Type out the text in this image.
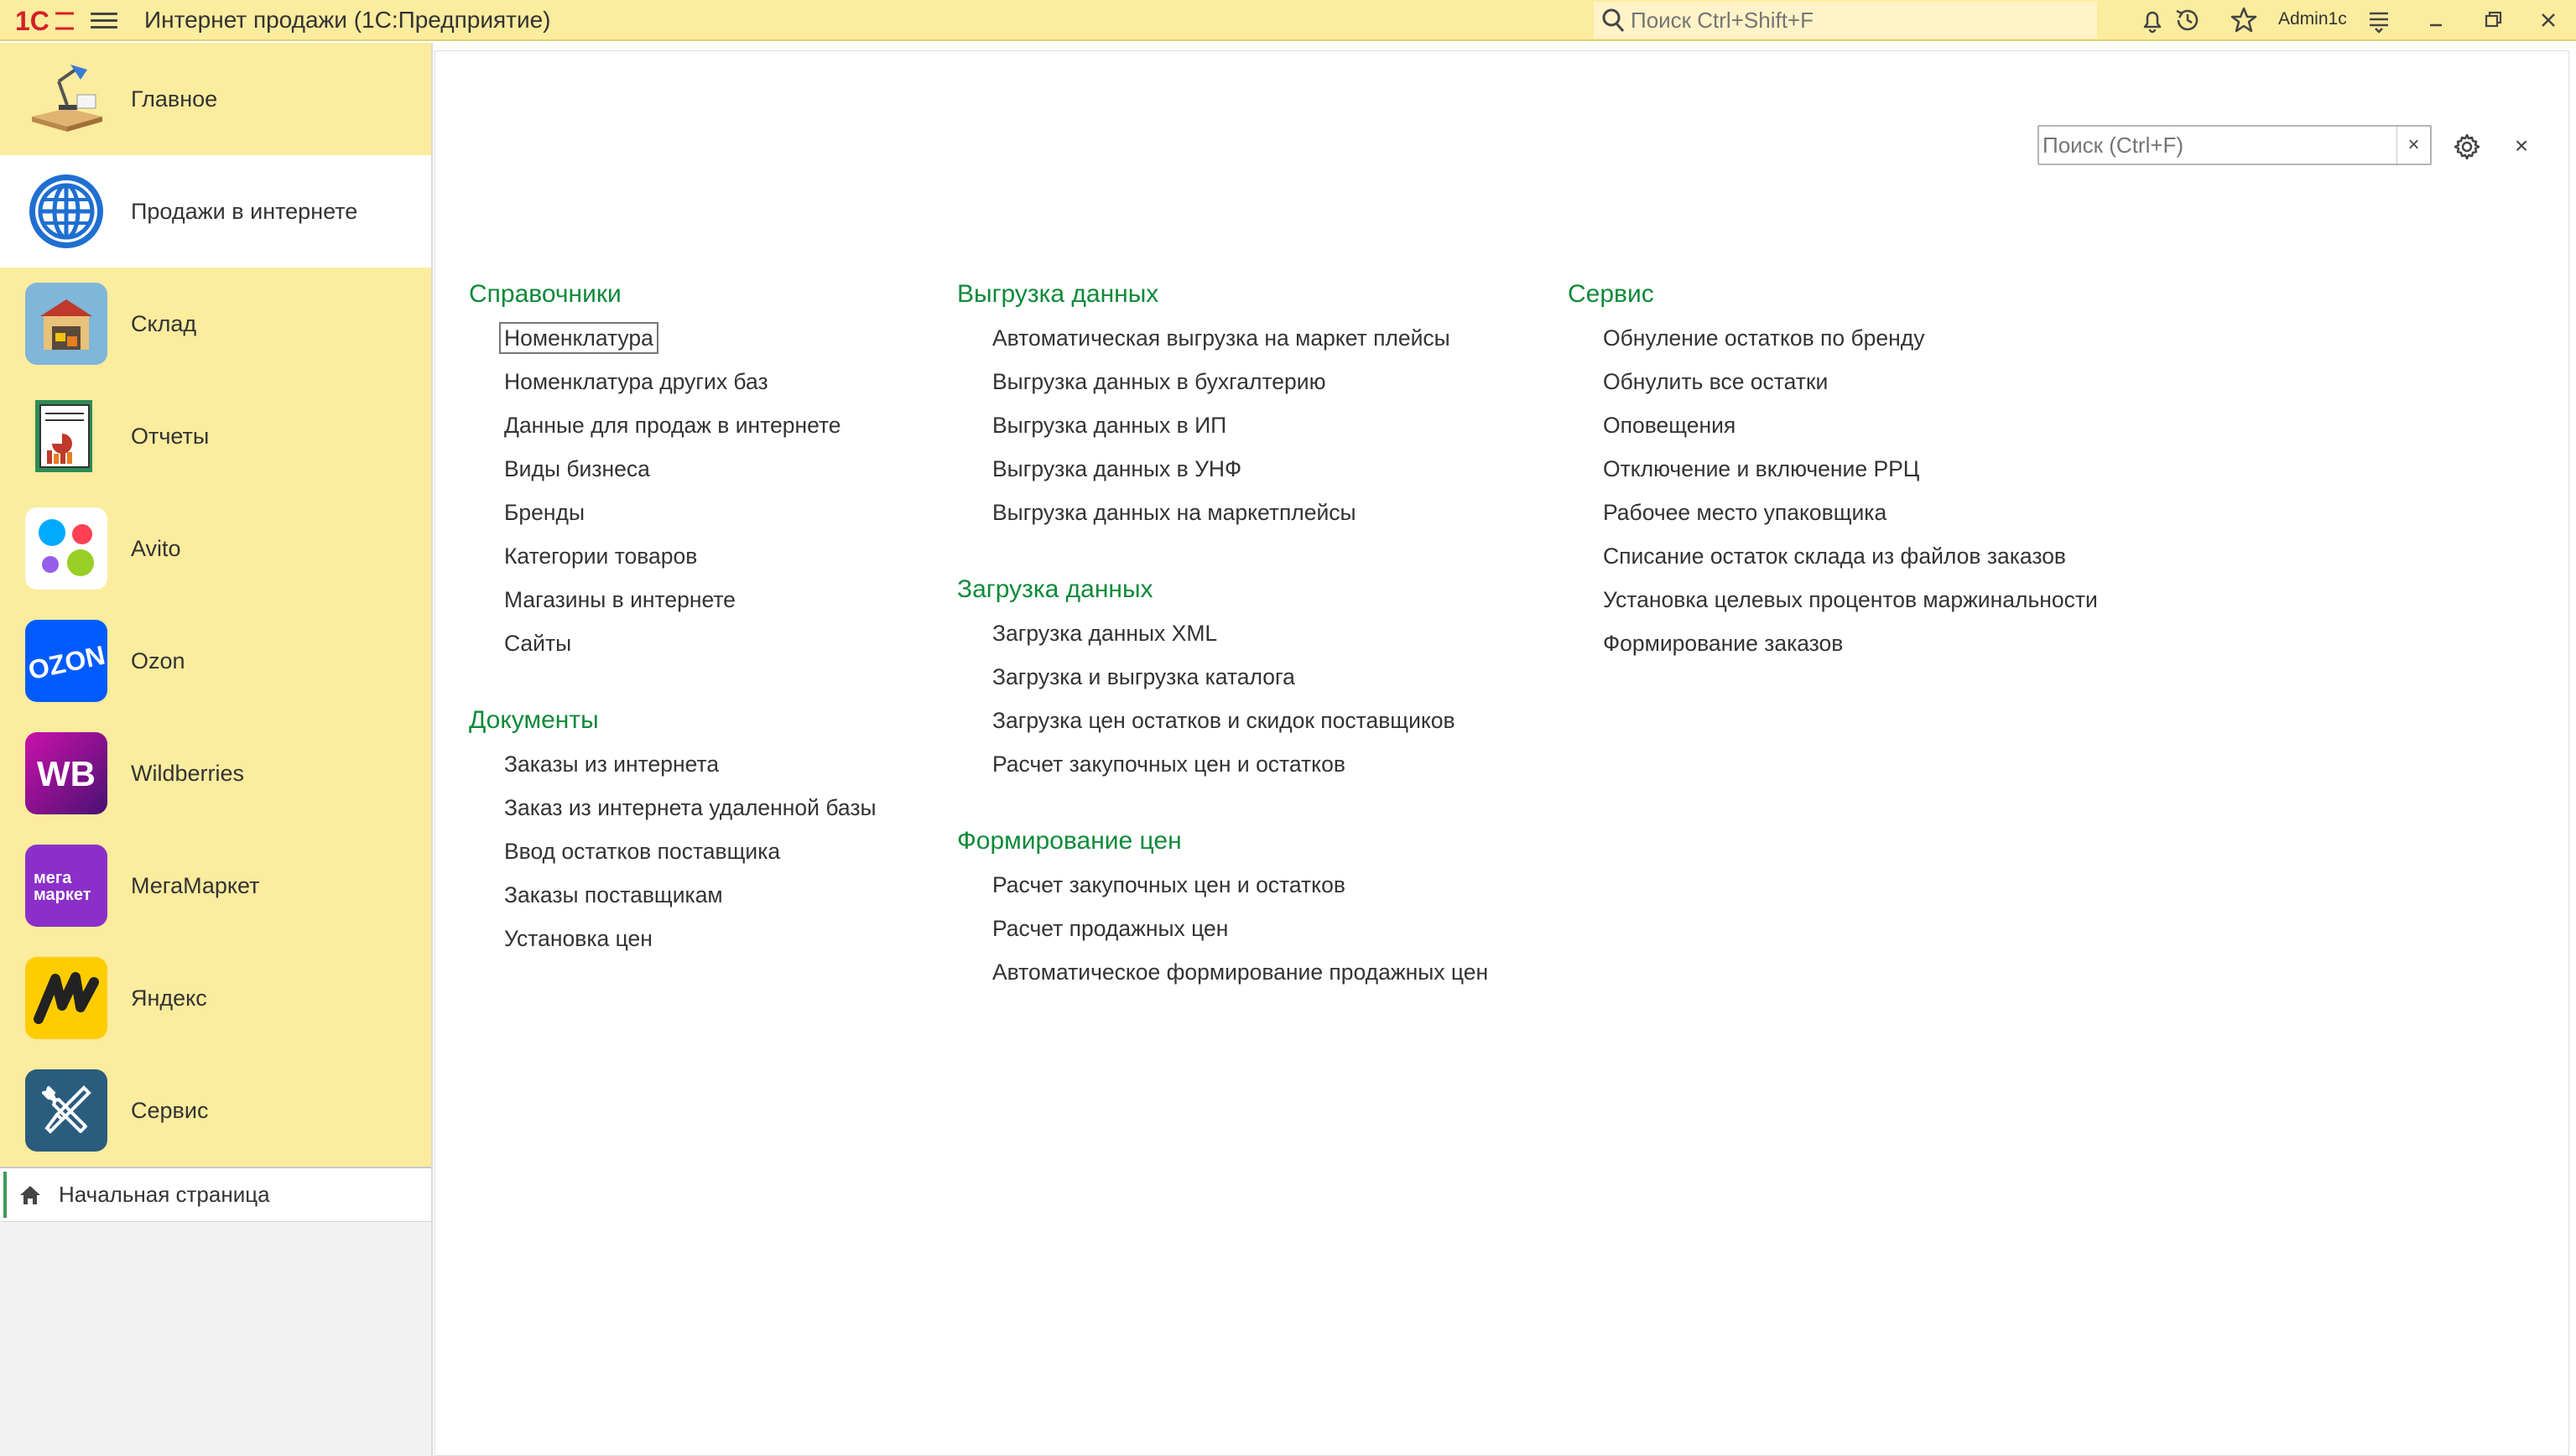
1С	Интернет продажи (1С:Предприятие)
Поиск Ctrl+Shift+F	Admin1c
Главное
Продажи в интернете
Склад
Отчеты
Avito
OZON Ozon
WB Wildberries
мега
маркет МегаМаркет
Яндекс
Сервис
Начальная страница
Поиск (Ctrl+F)
×	×
Справочники
Номенклатура
Номенклатура других баз
Данные для продаж в интернете
Виды бизнеса
Бренды
Категории товаров
Магазины в интернете
Сайты
Документы
Заказы из интернета
Заказ из интернета удаленной базы
Ввод остатков поставщика
Заказы поставщикам
Установка цен
Выгрузка данных
Автоматическая выгрузка на маркет плейсы
Выгрузка данных в бухгалтерию
Выгрузка данных в ИП
Выгрузка данных в УНФ
Выгрузка данных на маркетплейсы
Загрузка данных
Загрузка данных XML
Загрузка и выгрузка каталога
Загрузка цен остатков и скидок поставщиков
Расчет закупочных цен и остатков
Формирование цен
Расчет закупочных цен и остатков
Расчет продажных цен
Автоматическое формирование продажных цен
Сервис
Обнуление остатков по бренду
Обнулить все остатки
Оповещения
Отключение и включение РРЦ
Рабочее место упаковщика
Списание остаток склада из файлов заказов
Установка целевых процентов маржинальности
Формирование заказов
